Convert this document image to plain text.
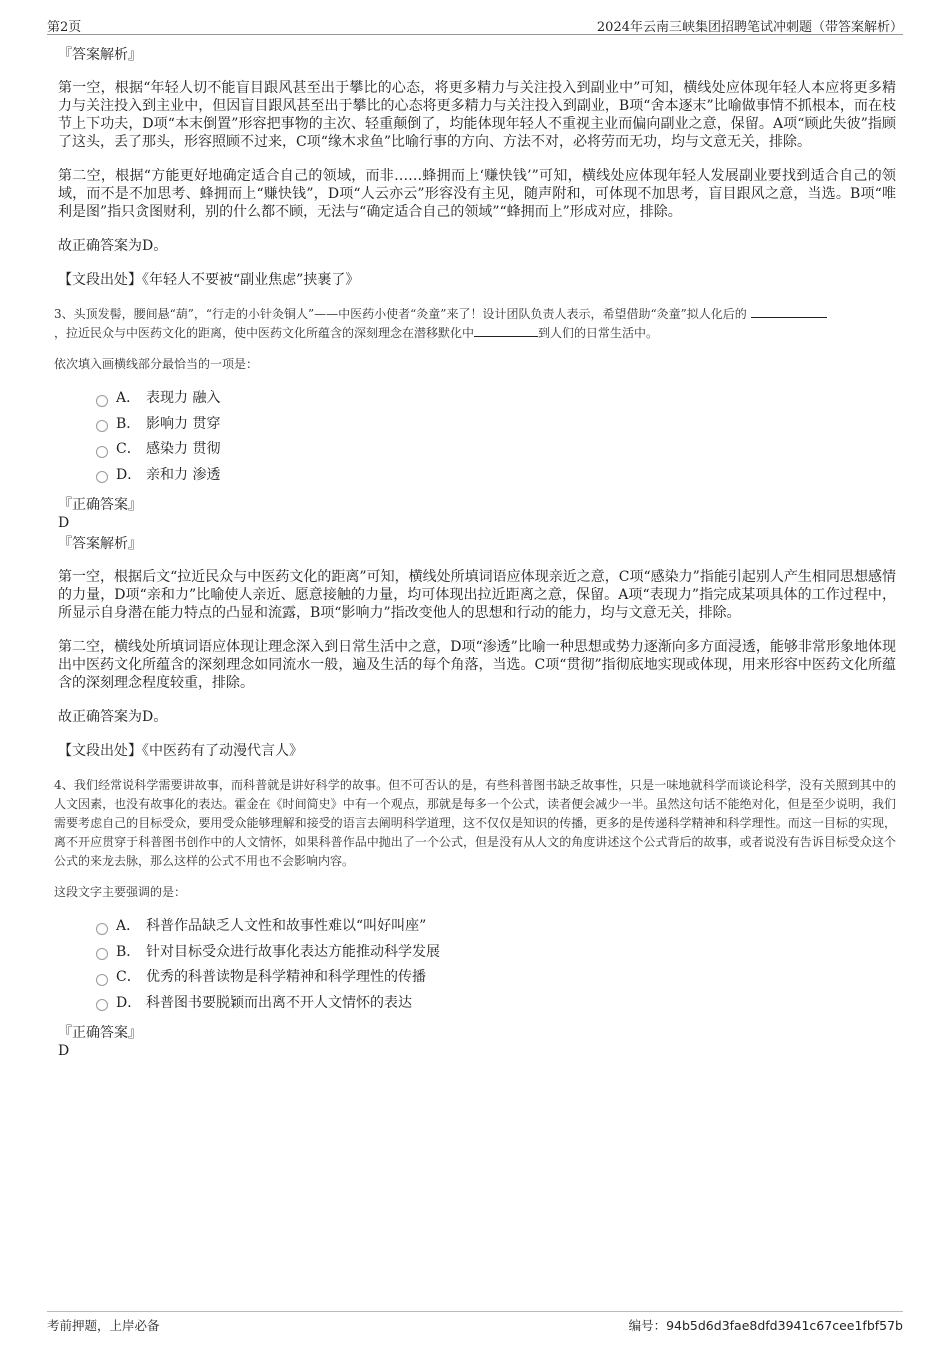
第2页	2024年云南三峡集团招聘笔试冲刺题（带答案解析）

『答案解析』

第一空，根据“年轻人切不能盲目跟风甚至出于攀比的心态，将更多精力与关注投入到副业中”可知，横线处应体现年轻人本应将更多精力与关注投入到主业中，但因盲目跟风甚至出于攀比的心态将更多精力与关注投入到副业，B项“舍本逐末”比喻做事情不抓根本，而在枝节上下功夫，D项“本末倒置”形容把事物的主次、轻重颠倒了，均能体现年轻人不重视主业而偏向副业之意，保留。A项“顾此失彼”指顾了这头，丢了那头，形容照顾不过来，C项“缘木求鱼”比喻行事的方向、方法不对，必将劳而无功，均与文意无关，排除。

第二空，根据“方能更好地确定适合自己的领域，而非……蜂拥而上‘赚快钱’”可知，横线处应体现年轻人发展副业要找到适合自己的领域，而不是不加思考、蜂拥而上“赚快钱”，D项“人云亦云”形容没有主见，随声附和，可体现不加思考，盲目跟风之意，当选。B项“唯利是图”指只贪图财利，别的什么都不顾，无法与“确定适合自己的领域”“蜂拥而上”形成对应，排除。

故正确答案为D。

【文段出处】《年轻人不要被“副业焦虑”挟裹了》

3、头顶发髻，腰间悬“葫”，“行走的小针灸铜人”——中医药小使者“灸童”来了！设计团队负责人表示，希望借助“灸童”拟人化后的
，拉近民众与中医药文化的距离，使中医药文化所蕴含的深刻理念在潜移默化中	到人们的日常生活中。

依次填入画横线部分最恰当的一项是：

A． 表现力 融入
B． 影响力 贯穿
C． 感染力 贯彻
D． 亲和力 渗透

『正确答案』

D

『答案解析』

第一空，根据后文“拉近民众与中医药文化的距离”可知，横线处所填词语应体现亲近之意，C项“感染力”指能引起别人产生相同思想感情的力量，D项“亲和力”比喻使人亲近、愿意接触的力量，均可体现出拉近距离之意，保留。A项“表现力”指完成某项具体的工作过程中，所显示自身潜在能力特点的凸显和流露，B项“影响力”指改变他人的思想和行动的能力，均与文意无关，排除。

第二空，横线处所填词语应体现让理念深入到日常生活中之意，D项“渗透”比喻一种思想或势力逐渐向多方面浸透，能够非常形象地体现出中医药文化所蕴含的深刻理念如同流水一般，遍及生活的每个角落，当选。C项“贯彻”指彻底地实现或体现，用来形容中医药文化所蕴含的深刻理念程度较重，排除。

故正确答案为D。

【文段出处】《中医药有了动漫代言人》

4、我们经常说科学需要讲故事，而科普就是讲好科学的故事。但不可否认的是，有些科普图书缺乏故事性，只是一味地就科学而谈论科学，没有关照到其中的人文因素，也没有故事化的表达。霍金在《时间简史》中有一个观点，那就是每多一个公式，读者便会减少一半。虽然这句话不能绝对化，但是至少说明，我们需要考虑自己的目标受众，要用受众能够理解和接受的语言去阐明科学道理，这不仅仅是知识的传播，更多的是传递科学精神和科学理性。而这一目标的实现，离不开应贯穿于科普图书创作中的人文情怀，如果科普作品中抛出了一个公式，但是没有从人文的角度讲述这个公式背后的故事，或者说没有告诉目标受众这个公式的来龙去脉，那么这样的公式不用也不会影响内容。

这段文字主要强调的是：

A． 科普作品缺乏人文性和故事性难以“叫好叫座”
B． 针对目标受众进行故事化表达方能推动科学发展
C． 优秀的科普读物是科学精神和科学理性的传播
D． 科普图书要脱颖而出离不开人文情怀的表达

『正确答案』

D

考前押题，上岸必备	编号：94b5d6d3fae8dfd3941c67cee1fbf57b
